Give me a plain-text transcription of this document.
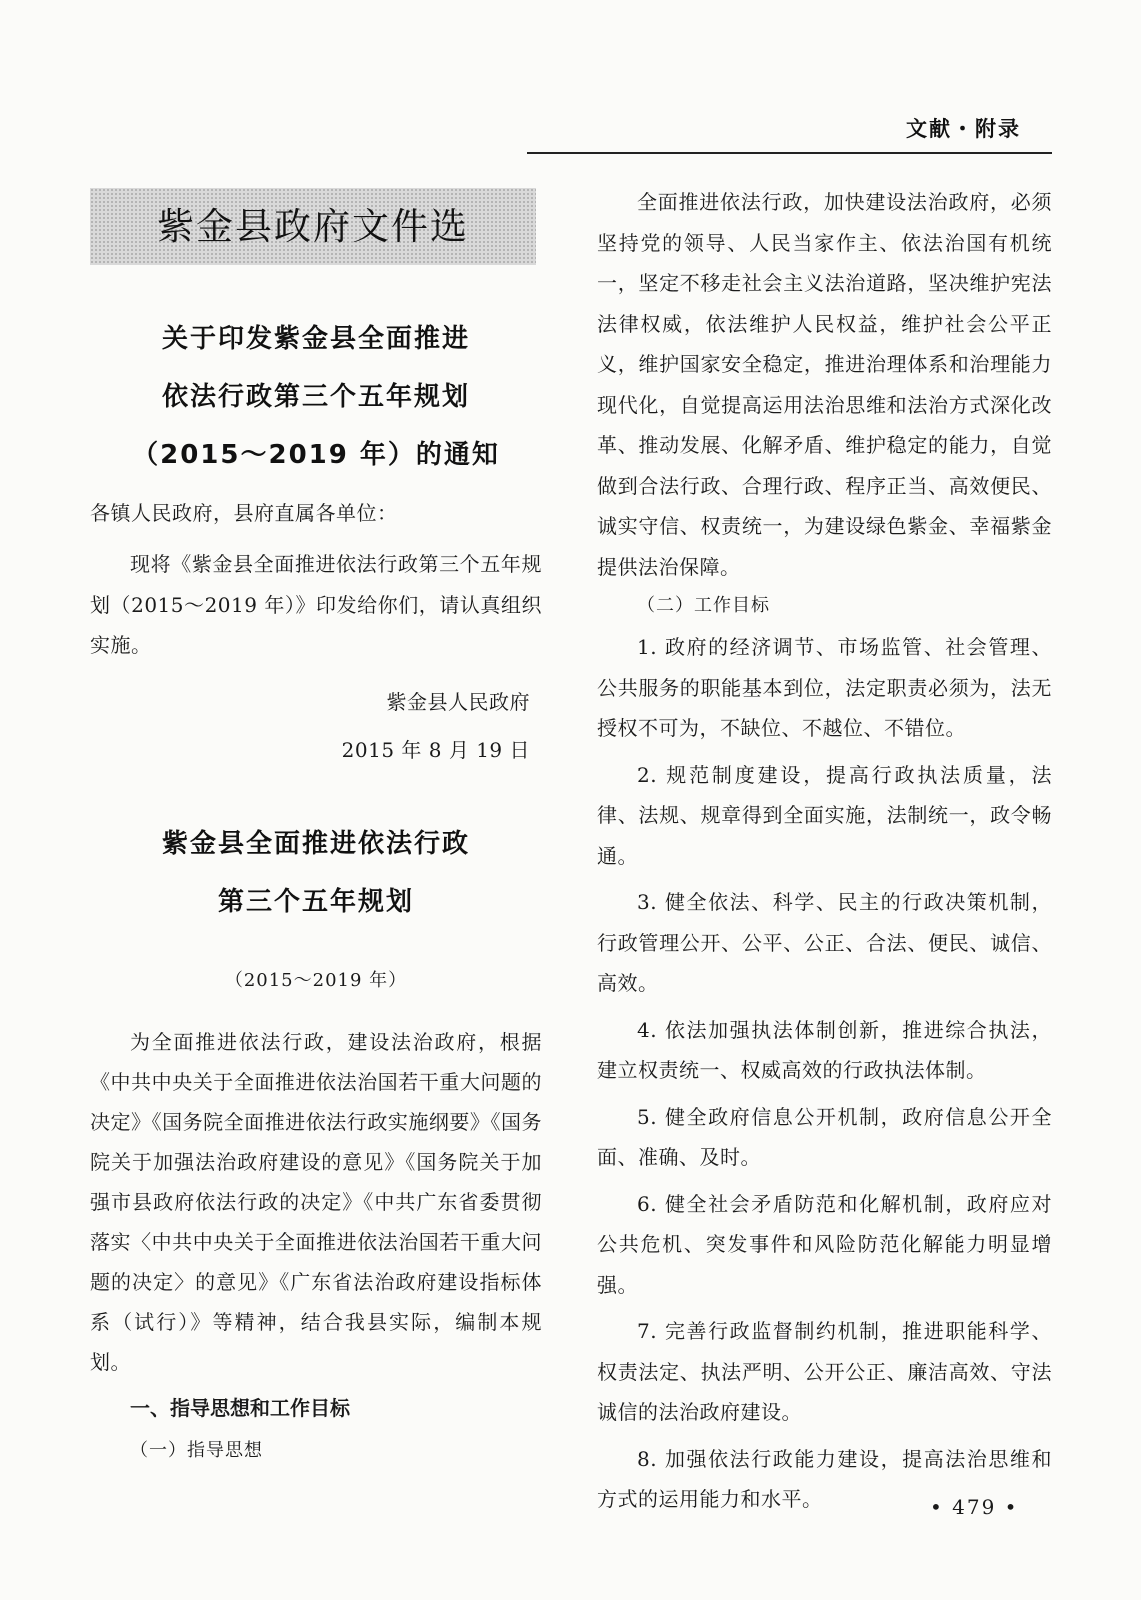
文献・附录
紫金县政府文件选
关于印发紫金县全面推进
依法行政第三个五年规划
（2015～2019 年）的通知
各镇人民政府，县府直属各单位：
现将《紫金县全面推进依法行政第三个五年规划（2015～2019 年）》印发给你们，请认真组织实施。
紫金县人民政府
2015 年 8 月 19 日
紫金县全面推进依法行政
第三个五年规划
（2015～2019 年）
为全面推进依法行政，建设法治政府，根据《中共中央关于全面推进依法治国若干重大问题的决定》《国务院全面推进依法行政实施纲要》《国务院关于加强法治政府建设的意见》《国务院关于加强市县政府依法行政的决定》《中共广东省委贯彻落实〈中共中央关于全面推进依法治国若干重大问题的决定〉的意见》《广东省法治政府建设指标体系（试行）》等精神，结合我县实际，编制本规划。
一、指导思想和工作目标
（一）指导思想
全面推进依法行政，加快建设法治政府，必须坚持党的领导、人民当家作主、依法治国有机统一，坚定不移走社会主义法治道路，坚决维护宪法法律权威，依法维护人民权益，维护社会公平正义，维护国家安全稳定，推进治理体系和治理能力现代化，自觉提高运用法治思维和法治方式深化改革、推动发展、化解矛盾、维护稳定的能力，自觉做到合法行政、合理行政、程序正当、高效便民、诚实守信、权责统一，为建设绿色紫金、幸福紫金提供法治保障。
（二）工作目标
1. 政府的经济调节、市场监管、社会管理、公共服务的职能基本到位，法定职责必须为，法无授权不可为，不缺位、不越位、不错位。
2. 规范制度建设，提高行政执法质量，法律、法规、规章得到全面实施，法制统一，政令畅通。
3. 健全依法、科学、民主的行政决策机制，行政管理公开、公平、公正、合法、便民、诚信、高效。
4. 依法加强执法体制创新，推进综合执法，建立权责统一、权威高效的行政执法体制。
5. 健全政府信息公开机制，政府信息公开全面、准确、及时。
6. 健全社会矛盾防范和化解机制，政府应对公共危机、突发事件和风险防范化解能力明显增强。
7. 完善行政监督制约机制，推进职能科学、权责法定、执法严明、公开公正、廉洁高效、守法诚信的法治政府建设。
8. 加强依法行政能力建设，提高法治思维和方式的运用能力和水平。	• 479 •
